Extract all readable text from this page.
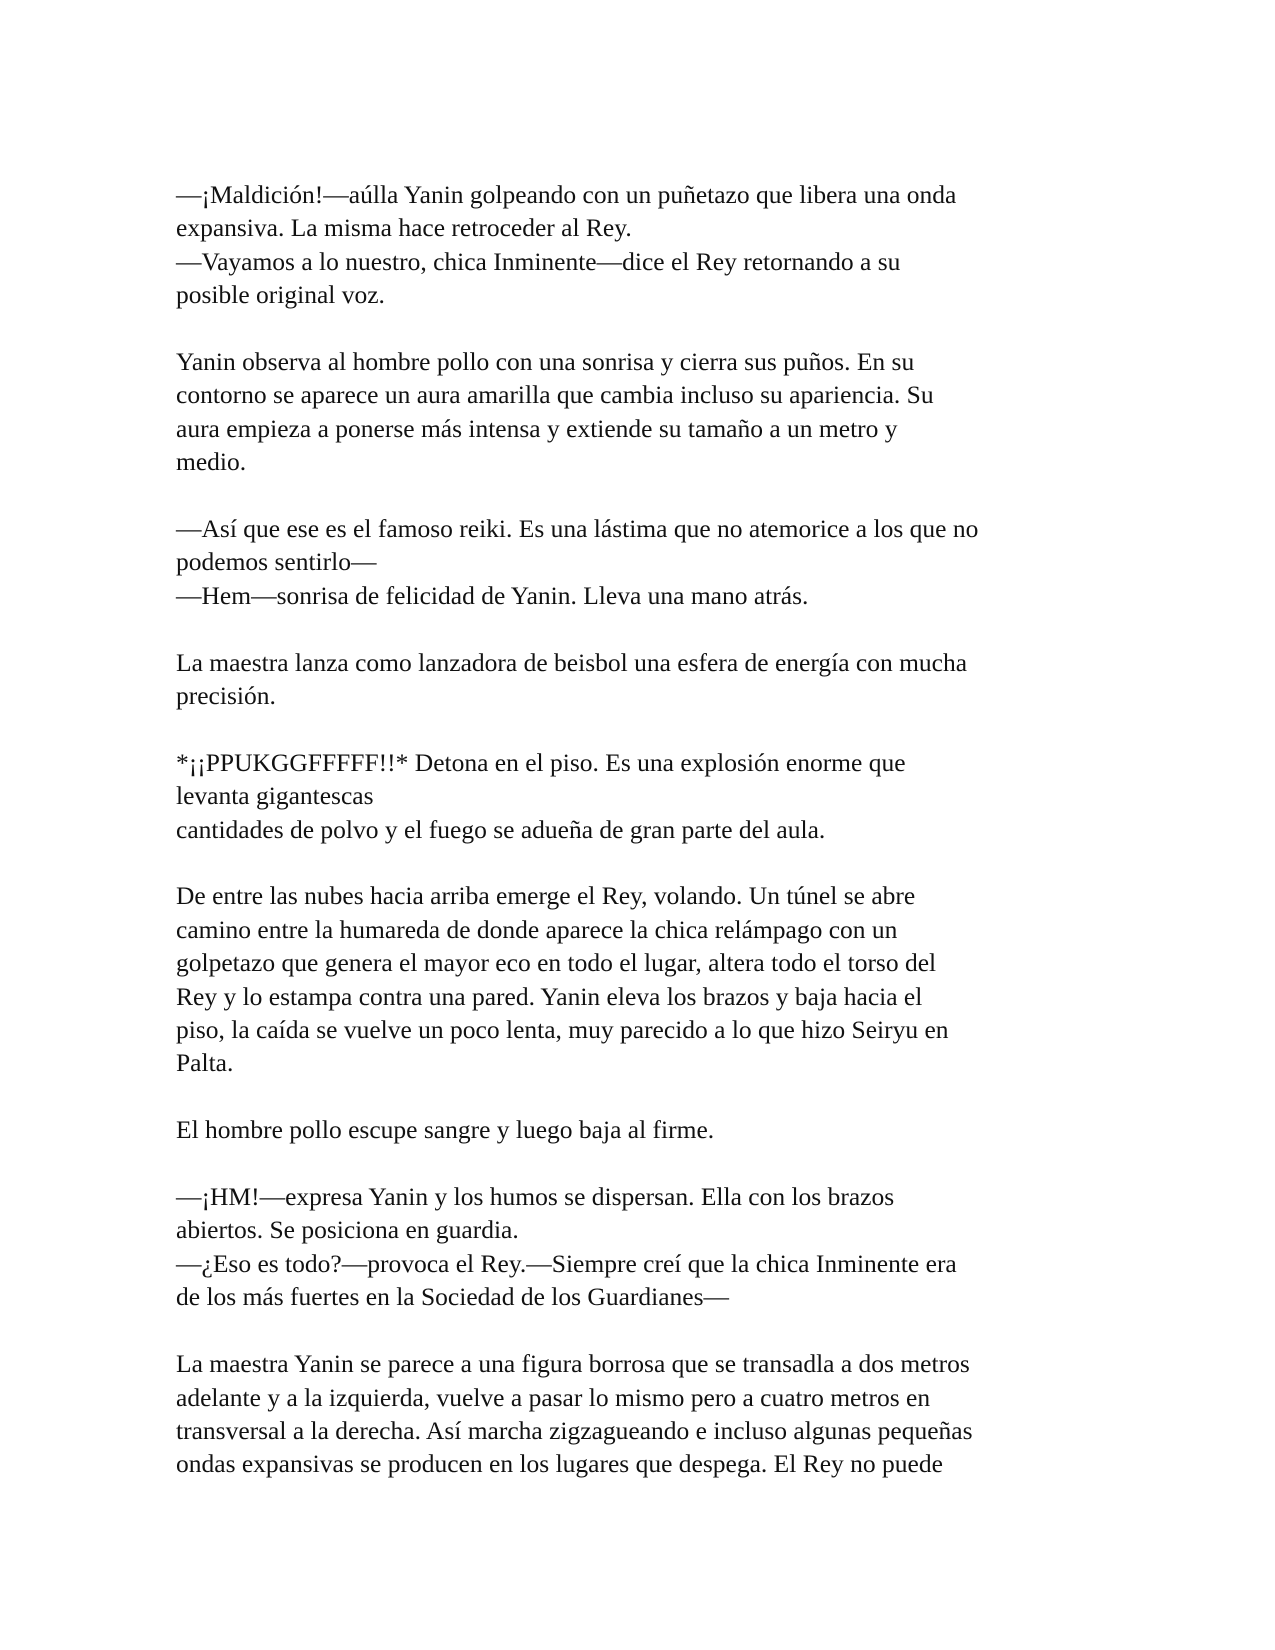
—¡Maldición!—aúlla Yanin golpeando con un puñetazo que libera una onda
expansiva. La misma hace retroceder al Rey.
—Vayamos a lo nuestro, chica Inminente—dice el Rey retornando a su
posible original voz.
Yanin observa al hombre pollo con una sonrisa y cierra sus puños. En su
contorno se aparece un aura amarilla que cambia incluso su apariencia. Su
aura empieza a ponerse más intensa y extiende su tamaño a un metro y
medio.
—Así que ese es el famoso reiki. Es una lástima que no atemorice a los que no
podemos sentirlo—
—Hem—sonrisa de felicidad de Yanin. Lleva una mano atrás.
La maestra lanza como lanzadora de beisbol una esfera de energía con mucha
precisión.
*¡¡PPUKGGFFFFF!!* Detona en el piso. Es una explosión enorme que
levanta gigantescas
cantidades de polvo y el fuego se adueña de gran parte del aula.
De entre las nubes hacia arriba emerge el Rey, volando. Un túnel se abre
camino entre la humareda de donde aparece la chica relámpago con un
golpetazo que genera el mayor eco en todo el lugar, altera todo el torso del
Rey y lo estampa contra una pared. Yanin eleva los brazos y baja hacia el
piso, la caída se vuelve un poco lenta, muy parecido a lo que hizo Seiryu en
Palta.
El hombre pollo escupe sangre y luego baja al firme.
—¡HM!—expresa Yanin y los humos se dispersan. Ella con los brazos
abiertos. Se posiciona en guardia.
—¿Eso es todo?—provoca el Rey.—Siempre creí que la chica Inminente era
de los más fuertes en la Sociedad de los Guardianes—
La maestra Yanin se parece a una figura borrosa que se transadla a dos metros
adelante y a la izquierda, vuelve a pasar lo mismo pero a cuatro metros en
transversal a la derecha. Así marcha zigzagueando e incluso algunas pequeñas
ondas expansivas se producen en los lugares que despega. El Rey no puede
